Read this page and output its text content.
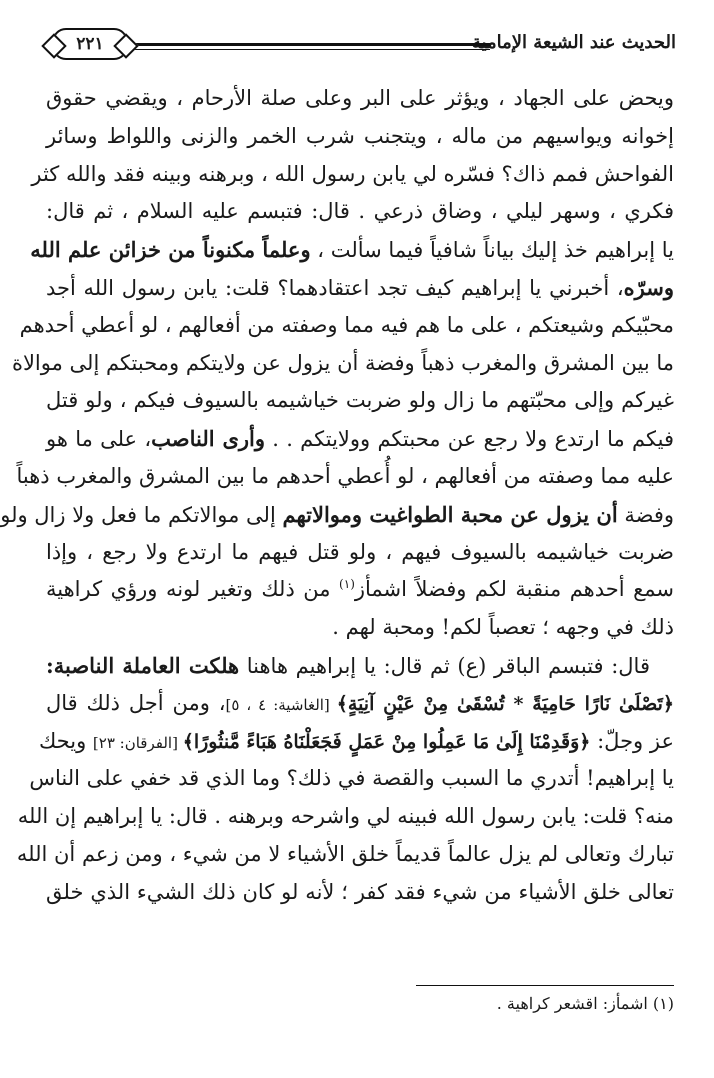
الحديث عند الشيعة الإمامية
٢٢١
ويحض على الجهاد ، ويؤثر على البر وعلى صلة الأرحام ، ويقضي حقوق
إخوانه ويواسيهم من ماله ، ويتجنب شرب الخمر والزنى واللواط وسائر
الفواحش فمم ذاك؟ فسّره لي يابن رسول الله ، وبرهنه وبينه فقد والله كثر
فكري ، وسهر ليلي ، وضاق ذرعي . قال: فتبسم عليه السلام ، ثم قال:
يا إبراهيم خذ إليك بياناً شافياً فيما سألت ، وعلماً مكنوناً من خزائن علم الله
وسرّه، أخبرني يا إبراهيم كيف تجد اعتقادهما؟ قلت: يابن رسول الله أجد
محبّيكم وشيعتكم ، على ما هم فيه مما وصفته من أفعالهم ، لو أعطي أحدهم
ما بين المشرق والمغرب ذهباً وفضة أن يزول عن ولايتكم ومحبتكم إلى موالاة
غيركم وإلى محبّتهم ما زال ولو ضربت خياشيمه بالسيوف فيكم ، ولو قتل
فيكم ما ارتدع ولا رجع عن محبتكم وولايتكم . . وأرى الناصب، على ما هو
عليه مما وصفته من أفعالهم ، لو أُعطي أحدهم ما بين المشرق والمغرب ذهباً
وفضة أن يزول عن محبة الطواغيت وموالاتهم إلى موالاتكم ما فعل ولا زال ولو
ضربت خياشيمه بالسيوف فيهم ، ولو قتل فيهم ما ارتدع ولا رجع ، وإذا
سمع أحدهم منقبة لكم وفضلاً اشمأز$^{(١)}$ من ذلك وتغير لونه ورؤي كراهية
ذلك في وجهه ؛ تعصباً لكم! ومحبة لهم .
قال: فتبسم الباقر (ع) ثم قال: يا إبراهيم هاهنا هلكت العاملة الناصبة:
﴿تَصْلَىٰ نَارًا حَامِيَةً * تُسْقَىٰ مِنْ عَيْنٍ آنِيَةٍ﴾ [الغاشية: ٤ ، ٥]، ومن أجل ذلك قال
عز وجلّ: ﴿وَقَدِمْنَا إِلَىٰ مَا عَمِلُوا مِنْ عَمَلٍ فَجَعَلْنَاهُ هَبَاءً مَّنثُورًا﴾ [الفرقان: ٢٣] ويحك
يا إبراهيم! أتدري ما السبب والقصة في ذلك؟ وما الذي قد خفي على الناس
منه؟ قلت: يابن رسول الله فبينه لي واشرحه وبرهنه . قال: يا إبراهيم إن الله
تبارك وتعالى لم يزل عالماً قديماً خلق الأشياء لا من شيء ، ومن زعم أن الله
تعالى خلق الأشياء من شيء فقد كفر ؛ لأنه لو كان ذلك الشيء الذي خلق
(١) اشمأز: اقشعر كراهية .
